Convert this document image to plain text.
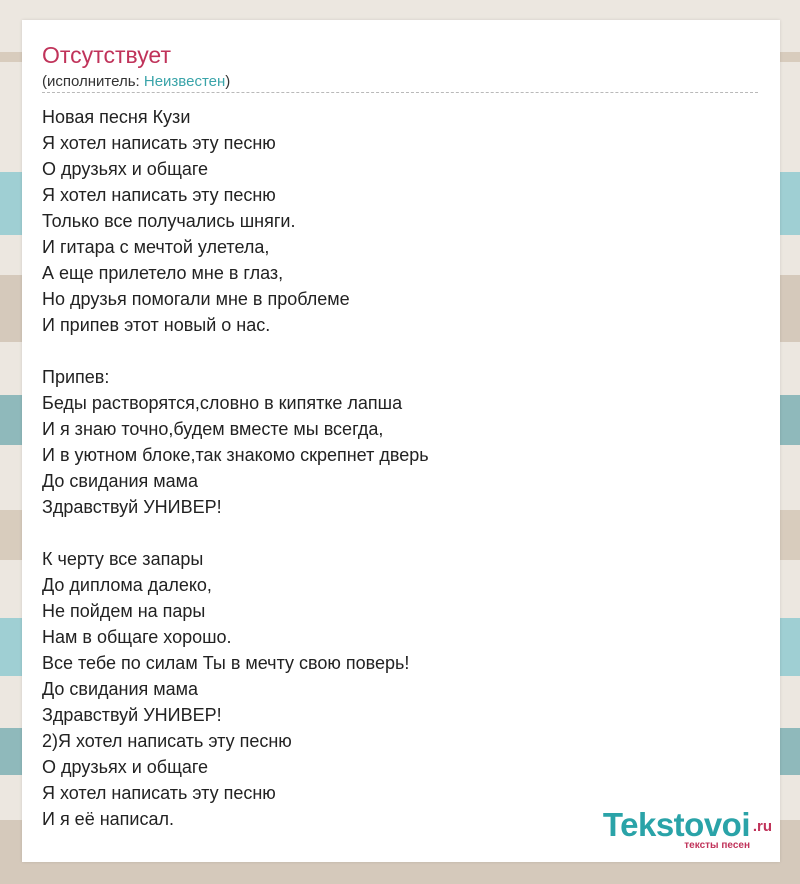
Отсутствует
(исполнитель: Неизвестен)
Новая песня Кузи
Я хотел написать эту песню
О друзьях и общаге
Я хотел написать эту песню
Только все получались шняги.
И гитара с мечтой улетела,
А еще прилетело мне в глаз,
Но друзья помогали мне в проблеме
И припев этот новый о нас.
Припев:
Беды растворятся,словно в кипятке лапша
И я знаю точно,будем вместе мы всегда,
И в уютном блоке,так знакомо скрепнет дверь
До свидания мама
Здравствуй УНИВЕР!
К черту все запары
До диплома далеко,
Не пойдем на пары
Нам в общаге хорошо.
Все тебе по силам Ты в мечту свою поверь!
До свидания мама
Здравствуй УНИВЕР!
2)Я хотел написать эту песню
О друзьях и общаге
Я хотел написать эту песню
И я её написал.	Tekstovoi .ru
тексты песен
